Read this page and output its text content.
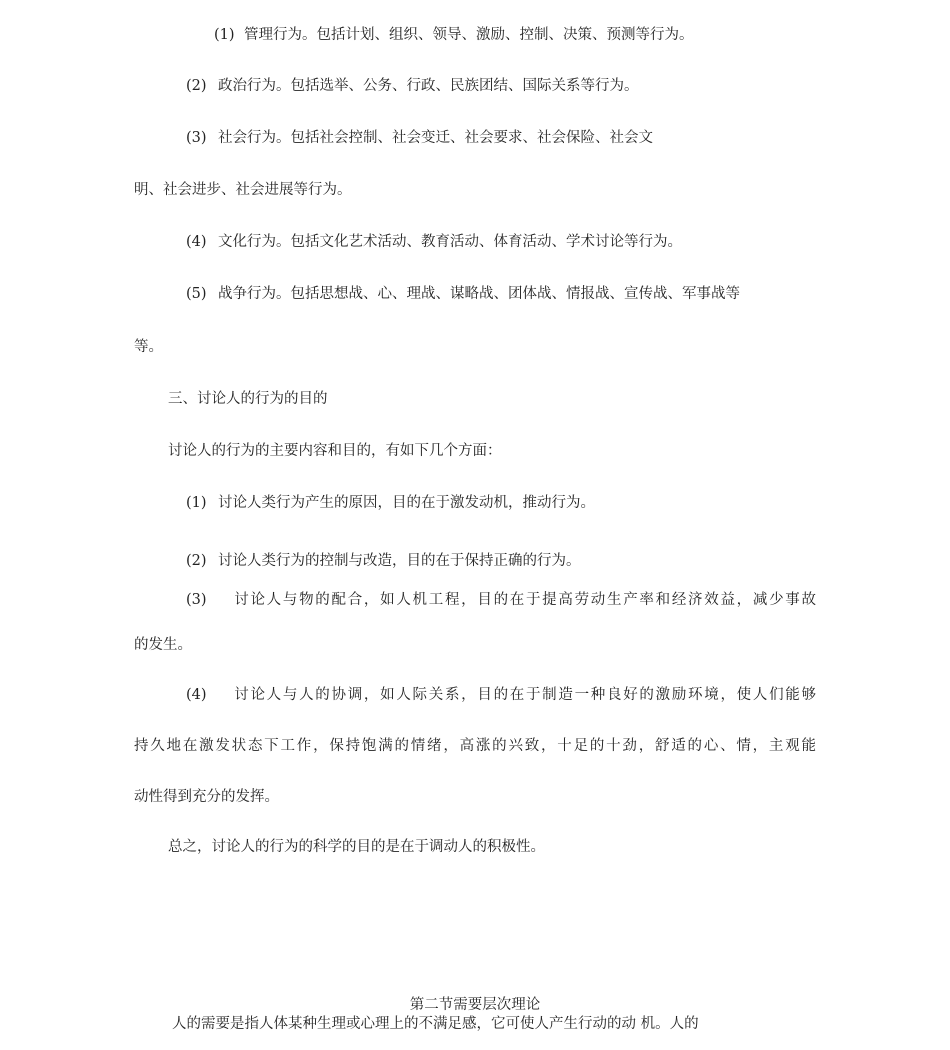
(1) 管理行为。包括计划、组织、领导、激励、控制、决策、预测等行为。
(2) 政治行为。包括选举、公务、行政、民族团结、国际关系等行为。
(3) 社会行为。包括社会控制、社会变迁、社会要求、社会保险、社会文
明、社会进步、社会进展等行为。
(4) 文化行为。包括文化艺术活动、教育活动、体育活动、学术讨论等行为。
(5) 战争行为。包括思想战、心、理战、谋略战、团体战、情报战、宣传战、军事战等
等。
三、讨论人的行为的目的
讨论人的行为的主要内容和目的，有如下几个方面：
(1) 讨论人类行为产生的原因，目的在于激发动机，推动行为。
(2) 讨论人类行为的控制与改造，目的在于保持正确的行为。
(3) 讨论人与物的配合，如人机工程，目的在于提高劳动生产率和经济效益，减少事故
的发生。
(4) 讨论人与人的协调，如人际关系，目的在于制造一种良好的激励环境，使人们能够
持久地在激发状态下工作，保持饱满的情绪，高涨的兴致，十足的十劲，舒适的心、情，主观能
动性得到充分的发挥。
总之，讨论人的行为的科学的目的是在于调动人的积极性。
第二节需要层次理论
人的需要是指人体某种生理或心理上的不满足感，它可使人产生行动的动 机。人的
